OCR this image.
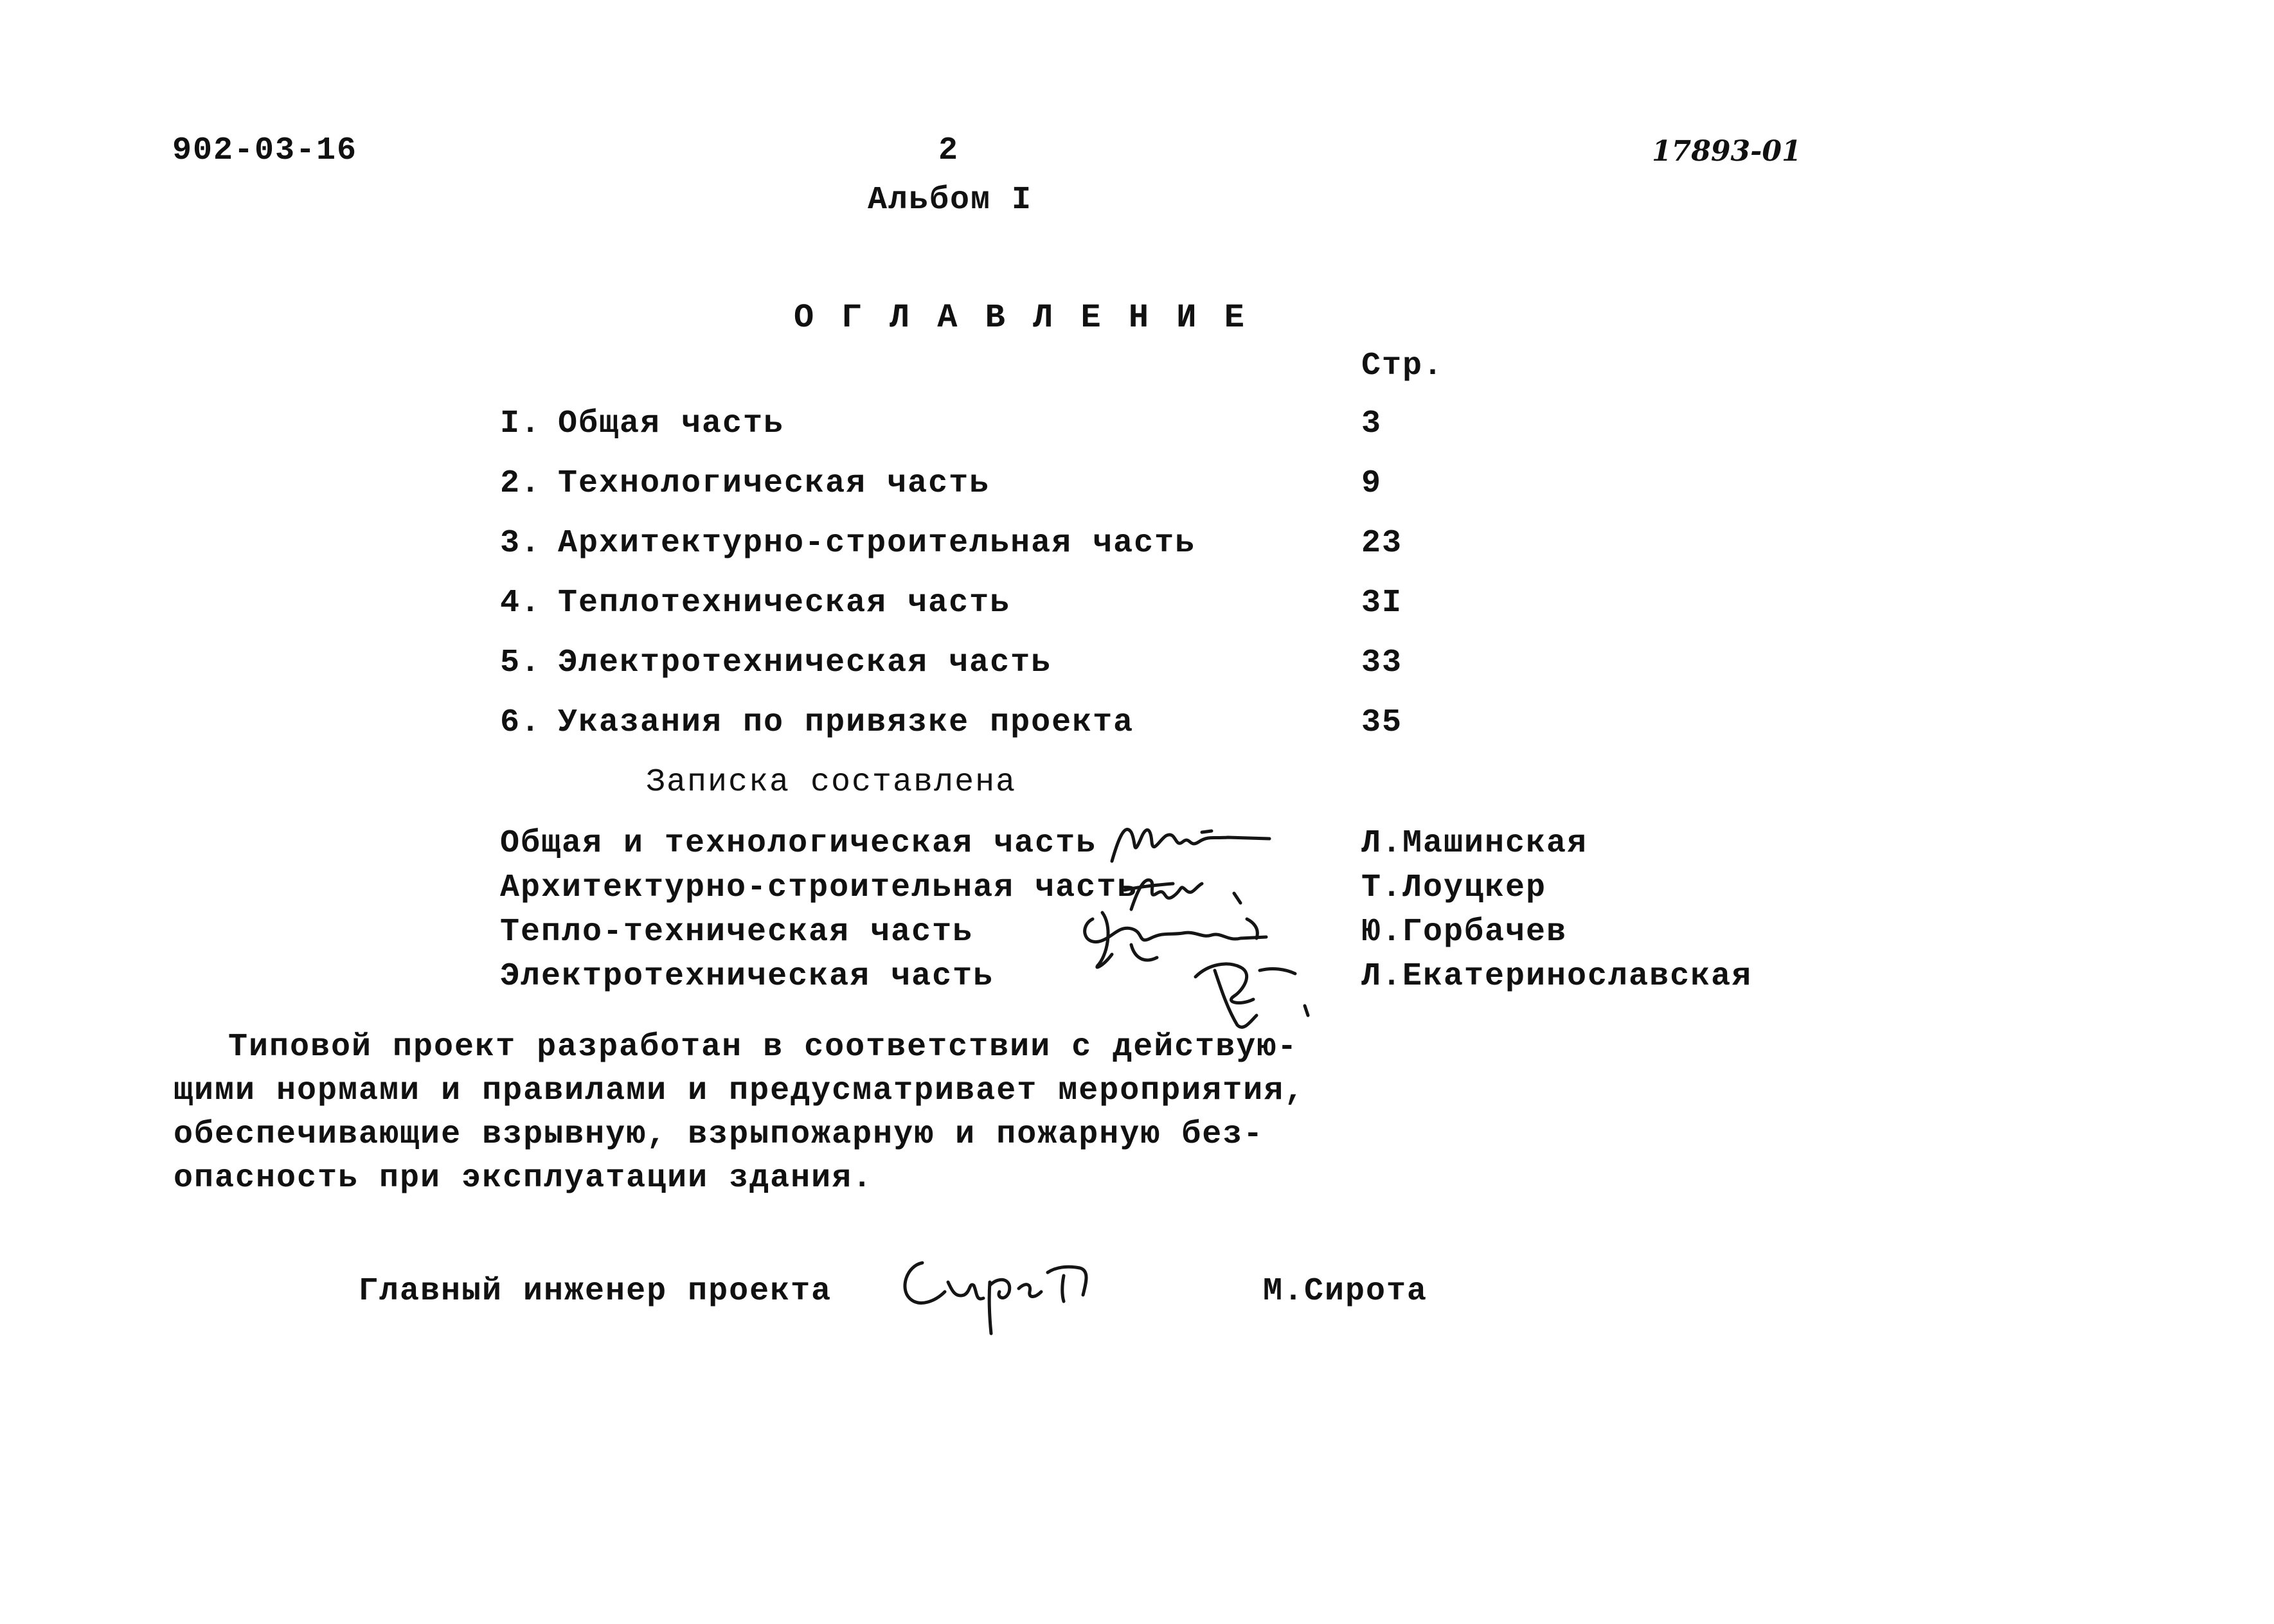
902-03-16	2	17893-01
Альбом I
О Г Л А В Л Е Н И Е
Стр.
I. Общая часть	3
2. Технологическая часть	9
3. Архитектурно-строительная часть	23
4. Теплотехническая часть	3I
5. Электротехническая часть	33
6. Указания по привязке проекта	35
Записка составлена
Общая и технологическая часть	Л.Машинская
Архитектурно-строительная часть	Т.Лоуцкер
Тепло-техническая часть	Ю.Горбачев
Электротехническая часть	Л.Екатеринославская
Типовой проект разработан в соответствии с действую-
щими нормами и правилами и предусматривает мероприятия,
обеспечивающие взрывную, взрыпожарную и пожарную без-
опасность при эксплуатации здания.
Главный инженер проекта	М.Сирота
